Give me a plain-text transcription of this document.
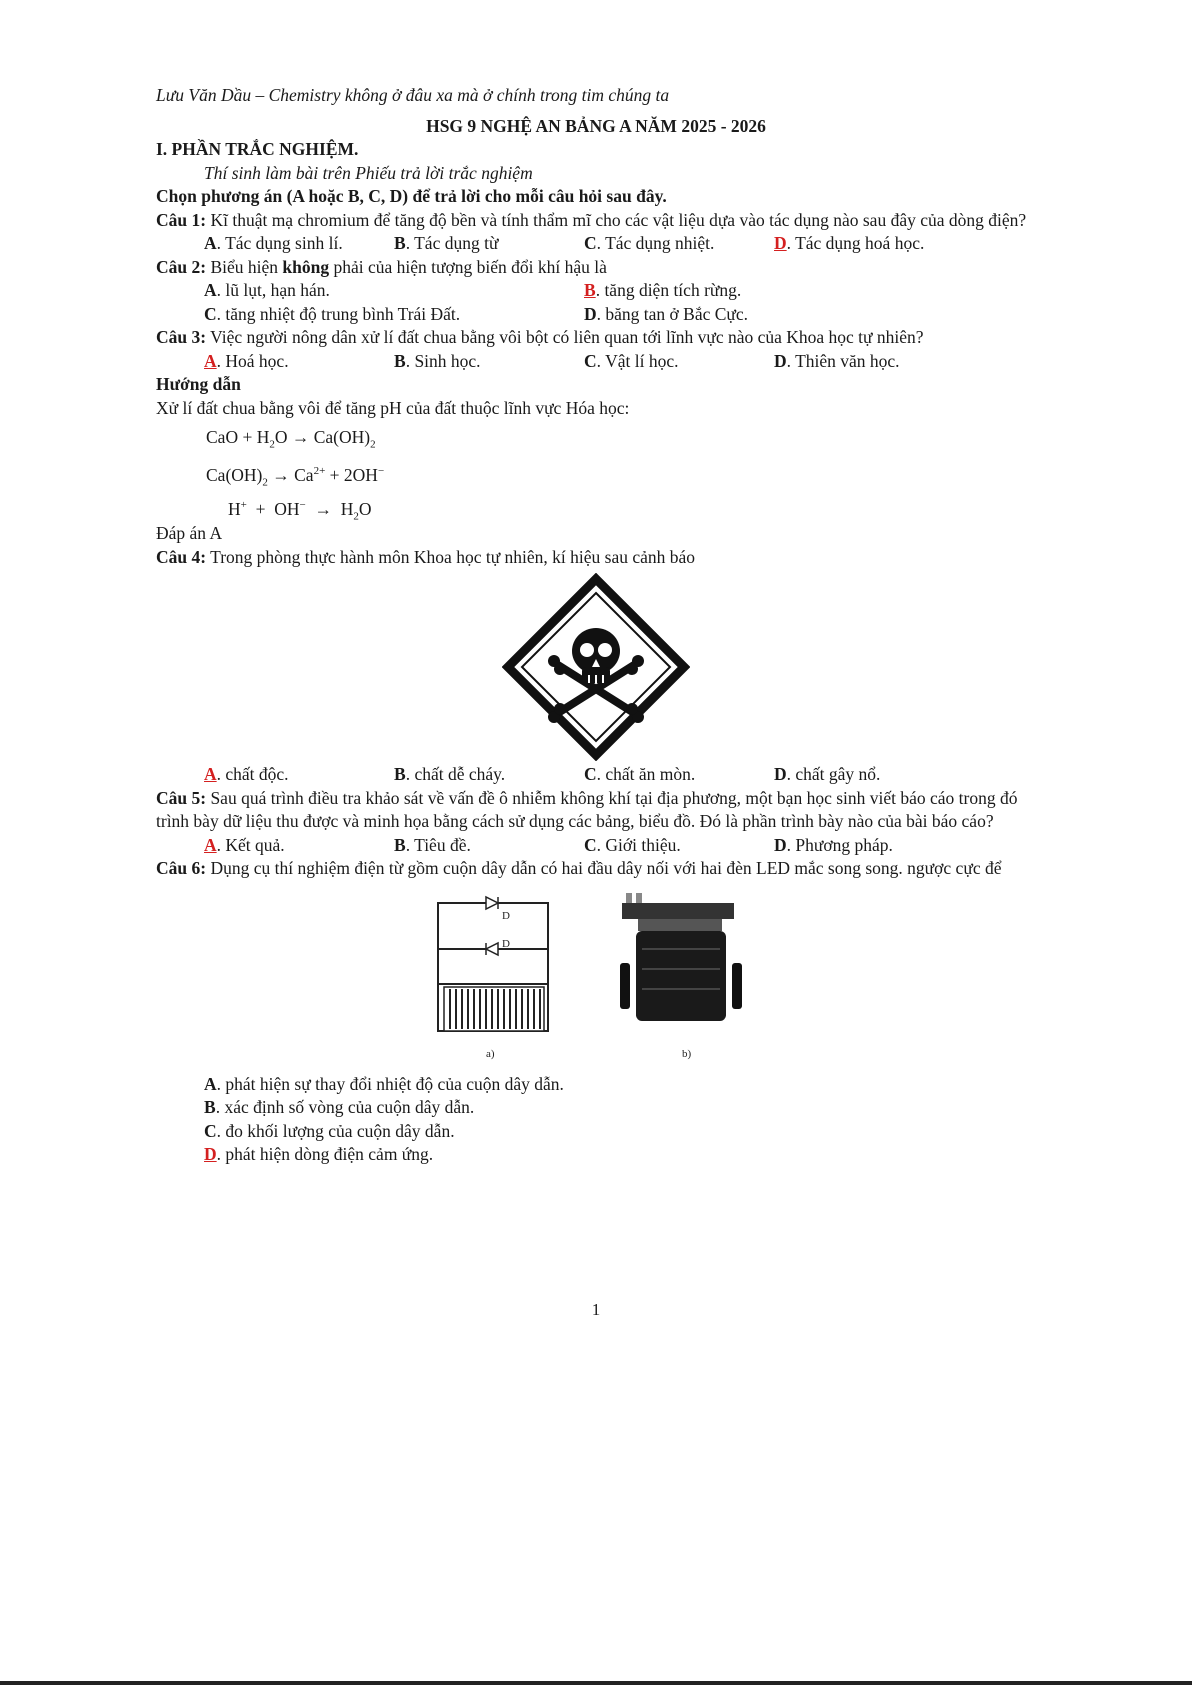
Lưu Văn Dầu – Chemistry không ở đâu xa mà ở chính trong tim chúng ta
HSG 9 NGHỆ AN BẢNG A NĂM 2025 - 2026
I. PHẦN TRẮC NGHIỆM.
Thí sinh làm bài trên Phiếu trả lời trắc nghiệm
Chọn phương án (A hoặc B, C, D) để trả lời cho mỗi câu hỏi sau đây.

Câu 1: Kĩ thuật mạ chromium để tăng độ bền và tính thẩm mĩ cho các vật liệu dựa vào tác dụng nào sau đây của dòng điện?

A. Tác dụng sinh lí.	B. Tác dụng từ	C. Tác dụng nhiệt.	D. Tác dụng hoá học.

Câu 2: Biểu hiện không phải của hiện tượng biến đổi khí hậu là

A. lũ lụt, hạn hán.	B. tăng diện tích rừng.
C. tăng nhiệt độ trung bình Trái Đất.	D. băng tan ở Bắc Cực.

Câu 3: Việc người nông dân xử lí đất chua bằng vôi bột có liên quan tới lĩnh vực nào của Khoa học tự nhiên?

A. Hoá học.	B. Sinh học.	C. Vật lí học.	D. Thiên văn học.
Hướng dẫn
Xử lí đất chua bằng vôi để tăng pH của đất thuộc lĩnh vực Hóa học:
CaO + $H_2O \to Ca(OH)_2$
$Ca(OH)_2 \to Ca^{2+} + 2OH^-$
$H^+ + OH^- \to H_2O$
Đáp án A

Câu 4: Trong phòng thực hành môn Khoa học tự nhiên, kí hiệu sau cảnh báo

A. chất độc.	B. chất dễ cháy.	C. chất ăn mòn.	D. chất gây nổ.

Câu 5: Sau quá trình điều tra khảo sát về vấn đề ô nhiễm không khí tại địa phương, một bạn học sinh viết báo cáo trong đó trình bày dữ liệu thu được và minh họa bằng cách sử dụng các bảng, biểu đồ. Đó là phần trình bày nào của bài báo cáo?

A. Kết quả.	B. Tiêu đề.	C. Giới thiệu.	D. Phương pháp.

Câu 6: Dụng cụ thí nghiệm điện từ gồm cuộn dây dẫn có hai đầu dây nối với hai đèn LED mắc song song. ngược cực để

D
D
a)	b)
A. phát hiện sự thay đổi nhiệt độ của cuộn dây dẫn.
B. xác định số vòng của cuộn dây dẫn.
C. đo khối lượng của cuộn dây dẫn.
D. phát hiện dòng điện cảm ứng.
1
